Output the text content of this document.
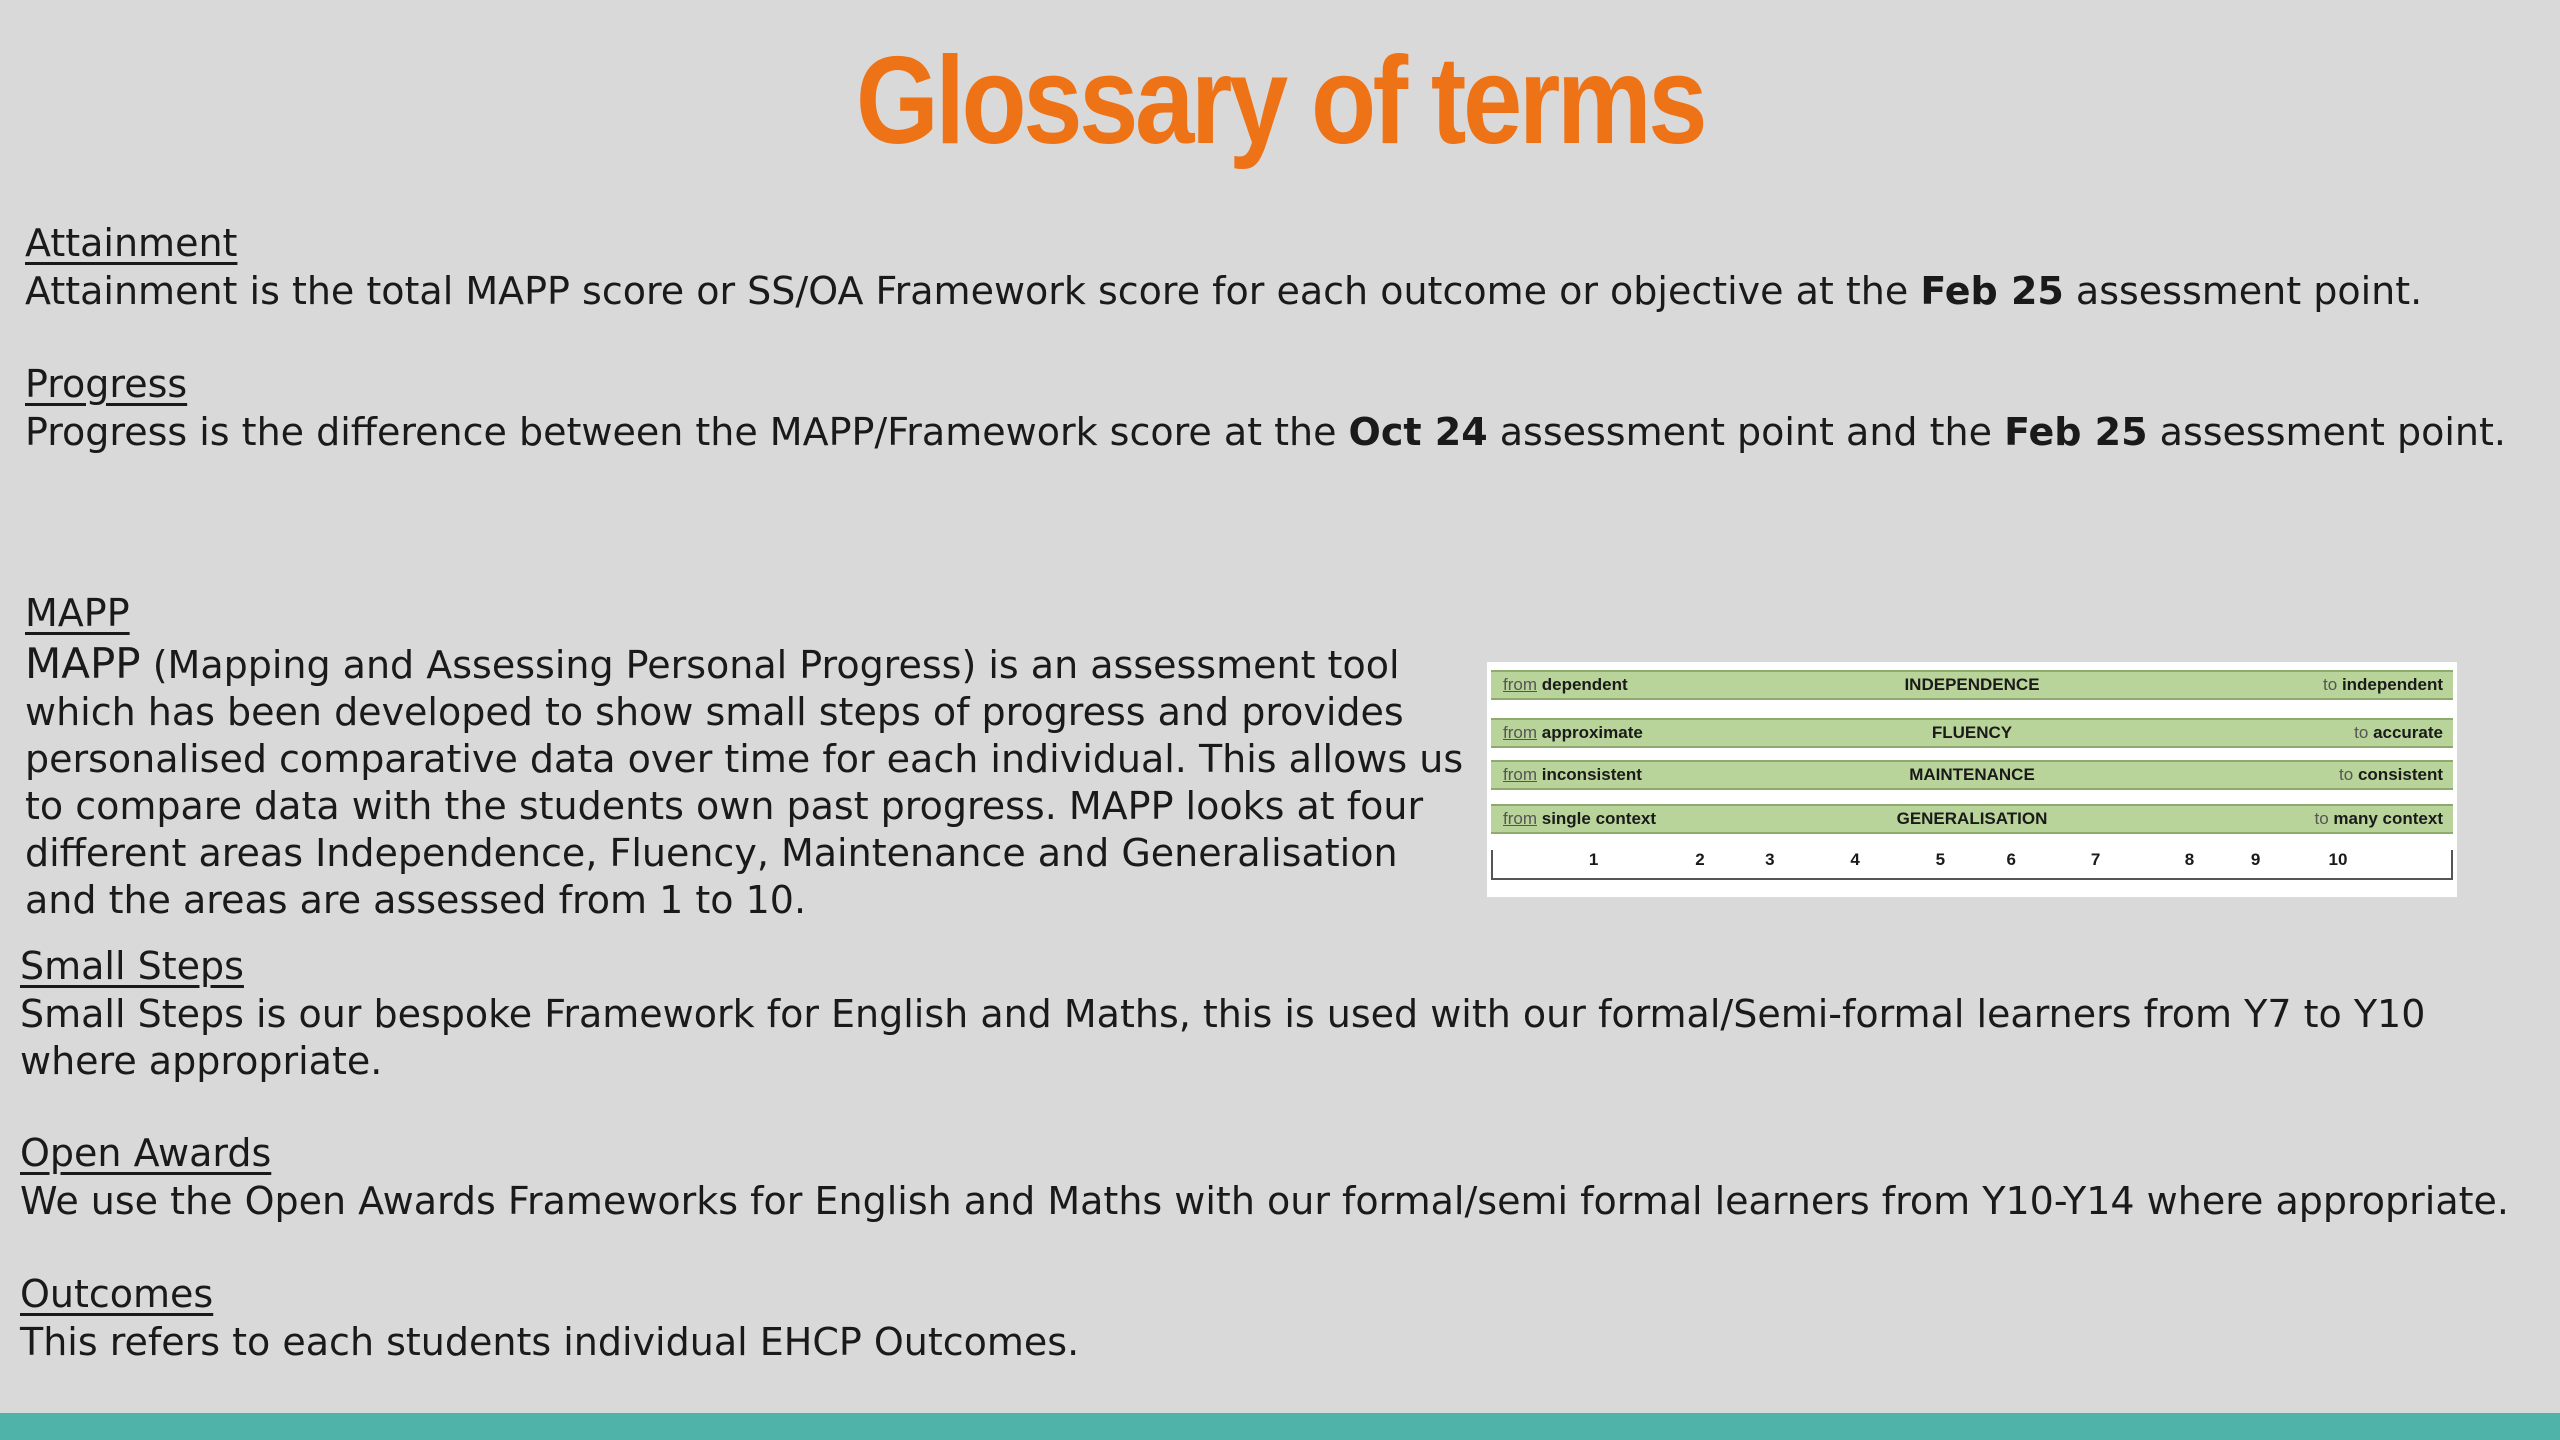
Glossary of terms

Attainment

Attainment is the total MAPP score or SS/OA Framework score for each outcome or objective at the Feb 25 assessment point.

Progress

Progress is the difference between the MAPP/Framework score at the Oct 24 assessment point and the Feb 25 assessment point.

MAPP

MAPP (Mapping and Assessing Personal Progress) is an assessment tool which has been developed to show small steps of progress and provides personalised comparative data over time for each individual. This allows us to compare data with the students own past progress. MAPP looks at four different areas Independence, Fluency, Maintenance and Generalisation and the areas are assessed from 1 to 10.

from dependent	INDEPENDENCE	to independent
from approximate	FLUENCY	to accurate
from inconsistent	MAINTENANCE	to consistent
from single context	GENERALISATION	to many context
1	2	3	4	5	6	7	8	9	10

Small Steps

Small Steps is our bespoke Framework for English and Maths, this is used with our formal/Semi-formal learners from Y7 to Y10 where appropriate.

Open Awards

We use the Open Awards Frameworks for English and Maths with our formal/semi formal learners from Y10-Y14 where appropriate.

Outcomes

This refers to each students individual EHCP Outcomes.
